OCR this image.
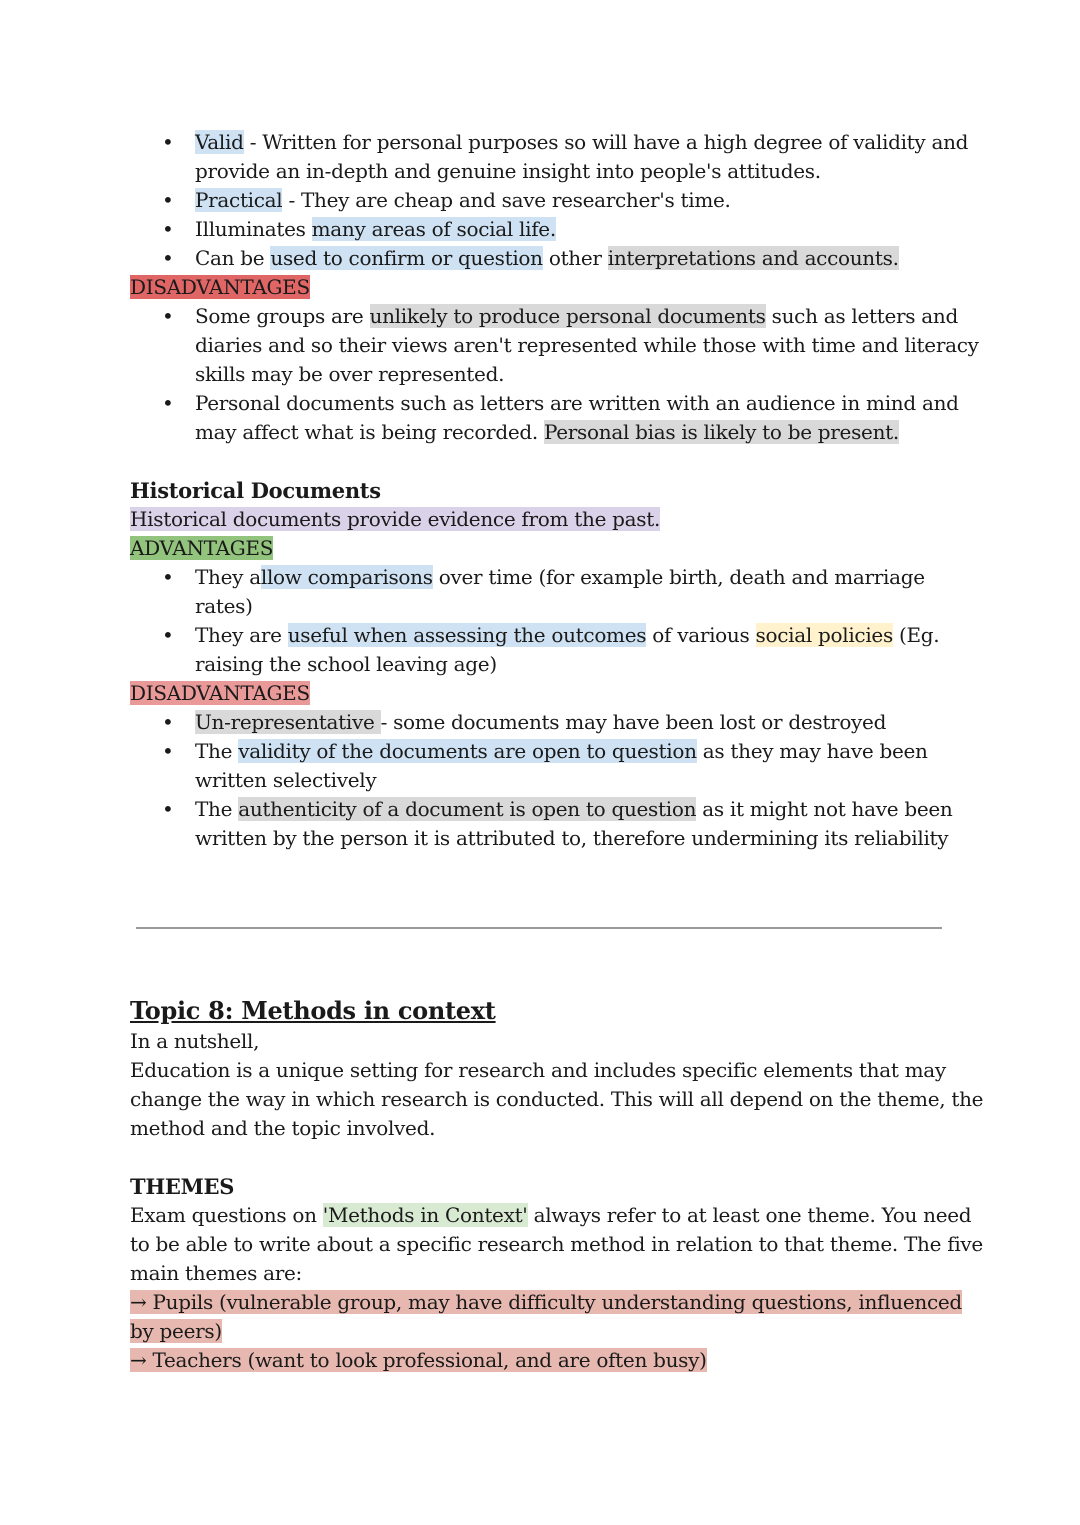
• Valid - Written for personal purposes so will have a high degree of validity and
provide an in-depth and genuine insight into people's attitudes.
• Practical - They are cheap and save researcher's time.
• Illuminates many areas of social life.
• Can be used to confirm or question other interpretations and accounts.
DISADVANTAGES
• Some groups are unlikely to produce personal documents such as letters and
diaries and so their views aren't represented while those with time and literacy
skills may be over represented.
• Personal documents such as letters are written with an audience in mind and
may affect what is being recorded. Personal bias is likely to be present.
Historical Documents
Historical documents provide evidence from the past.
ADVANTAGES
• They allow comparisons over time (for example birth, death and marriage
rates)
• They are useful when assessing the outcomes of various social policies (Eg.
raising the school leaving age)
DISADVANTAGES
• Un-representative - some documents may have been lost or destroyed
• The validity of the documents are open to question as they may have been
written selectively
• The authenticity of a document is open to question as it might not have been
written by the person it is attributed to, therefore undermining its reliability
Topic 8: Methods in context
In a nutshell,
Education is a unique setting for research and includes specific elements that may
change the way in which research is conducted. This will all depend on the theme, the
method and the topic involved.
THEMES
Exam questions on 'Methods in Context' always refer to at least one theme. You need
to be able to write about a specific research method in relation to that theme. The five
main themes are:
→ Pupils (vulnerable group, may have difficulty understanding questions, influenced
by peers)
→ Teachers (want to look professional, and are often busy)
